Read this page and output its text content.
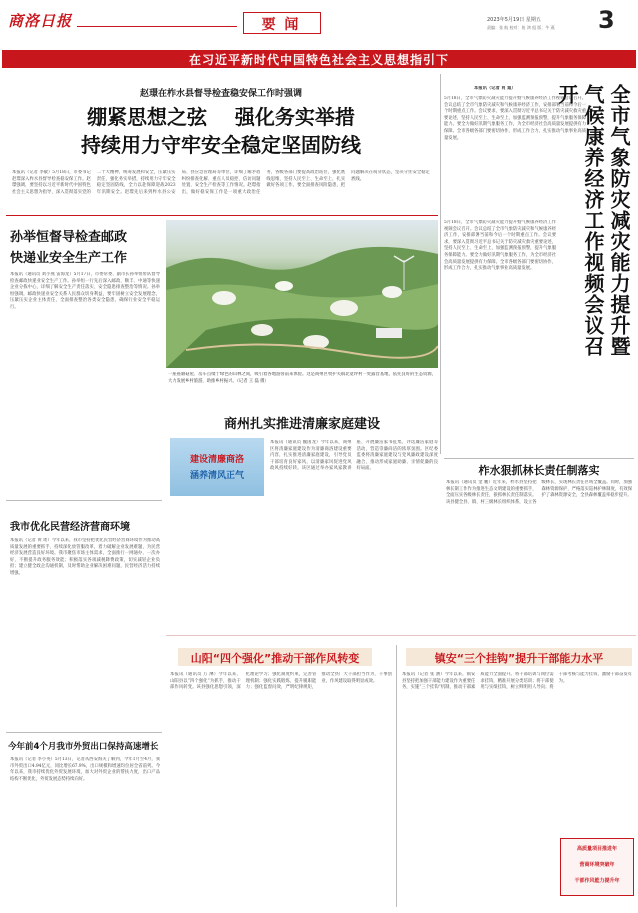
商洛日报	要 闻	2023年5月19日 星期五
责编：张 航 校对：鱼 鸿 组 版：牛 燕 3
在习近平新时代中国特色社会主义思想指引下
赵璟在柞水县督导检查稳安保工作时强调
绷紧思想之弦    强化务实举措
持续用力守牢安全稳定坚固防线
本报讯（记者 李敏）5月18日，市委书记赵璟深入柞水县督导检查稳安保工作。赵璟强调，要坚持以习近平新时代中国特色社会主义思想为指导，深入贯彻落实党的二十大精神，统筹发展和安全，压紧压实责任，强化务实举措，持续用力守牢安全稳定坚固防线，全力以赴保障迎战2023年汛期安全。赵璟先后来到柞水县公安局、县应急管理局等单位，详细了解矛盾纠纷排查化解、重点人员稳控、信访问题处置、安全生产检查等工作情况。赵璟指出，做好稳安保工作是一项重大政治任务，各级各部门要提高政治站位，强化底线思维，坚持人民至上、生命至上，扎实做好各项工作。要全面排查风险隐患，把问题解决在萌芽状态，坚决守住安全稳定底线。
本报讯（记者 肖 迪）
5月18日，全市气象防灾减灾能力提升暨气候康养经济工作视频会议召开。会议总结了全市气象防灾减灾和气候康养经济工作，安排部署当前和今后一个时期重点工作。会议要求，要深入贯彻习近平总书记关于防灾减灾救灾重要论述，坚持人民至上、生命至上，加强监测预报预警，提升气象服务保障能力。要全力做好汛期气象服务工作，为全市经济社会高质量发展提供有力保障。全市各级各部门要密切协作，形成工作合力，扎实推动气象事业高质量发展。	全市气象防灾减灾能力提升暨气候康养经济工作视频会议召开
5月18日，全市气象防灾减灾能力提升暨气候康养经济工作视频会议召开。会议总结了全市气象防灾减灾和气候康养经济工作，安排部署当前和今后一个时期重点工作。会议要求，要深入贯彻习近平总书记关于防灾减灾救灾重要论述，坚持人民至上、生命至上，加强监测预报预警，提升气象服务保障能力。要全力做好汛期气象服务工作，为全市经济社会高质量发展提供有力保障。全市各级各部门要密切协作，形成工作合力，扎实推动气象事业高质量发展。
孙举恒督导检查邮政
快递业安全生产工作
本报讯（通讯员 刘小燕 雷海龙）5月17日，市委常委、副市长孙举恒带队督导检查邮政快递业安全生产工作。孙举恒一行先后深入邮政、顺丰、中通等快递企业分拣中心，详细了解安全生产责任落实、安全隐患排查整治等情况。孙举恒强调，邮政快递业安全关系人民群众切身利益，要牢固树立安全发展理念，压紧压实企业主体责任，全面排查整治各类安全隐患，确保行业安全平稳运行。
一座座蘑菇屋、房车点缀于绿色的山林之间，吸引着各地游客前来体验。这是商州区牧护关镇北宽坪村一处露营基地，依托良好的生态资源，大力发展乡村旅游，助推乡村振兴。（记者 王 磊 摄）
我市优化民营经济营商环境
本报讯（记者 黄 瑶）今年以来，我市坚持把优化民营经济营商环境作为推动高质量发展的重要抓手，持续深化放管服改革，着力破解企业发展难题，为民营经济发展营造良好环境。我市聚焦市场主体需求，全面推行一网通办、一次办好，不断提升政务服务效能；积极落实各项减税降费政策，切实减轻企业负担；建立健全政企沟通机制，及时帮助企业解决困难问题，民营经济活力持续增强。
今年前4个月我市外贸出口保持高速增长
本报讯（记者 李小英）5月13日，记者从西安海关了解到，今年1月至4月，我市外贸出口4.94亿元，同比增长67.9%，出口规模和增速均位居全省前列。今年以来，我市持续优化外贸发展环境，加大对外贸企业的帮扶力度，出口产品结构不断优化，外贸发展态势持续向好。
商州扎实推进清廉家庭建设
建设清廉商洛
涵养清风正气
本报讯（通讯员 魏国龙）今年以来，商州区将清廉家庭建设作为清廉商洛建设重要内容，扎实推进清廉家庭建设，引导党员干部培育良好家风，以清廉家风促进党风政风持续好转。该区通过举办家风家教讲座、开展廉洁家书征集、评选廉洁家庭等活动，营造崇廉尚洁的浓厚氛围。区纪委监委将清廉家庭建设与党风廉政建设深度融合，推动形成家庭助廉、亲情促廉的良好局面。	柞水狠抓林长责任制落实
本报讯（通讯员 金 鹏）近年来，柞水县坚持把林长制工作作为推进生态文明建设的重要抓手，全面压实各级林长责任，狠抓林长责任制落实。该县健全县、镇、村三级林长组织体系，设立各级林长，实现林长责任区域全覆盖。同时，加强森林资源保护，严格落实巡林护林制度，有效保护了森林资源安全，全县森林覆盖率稳步提升。
山阳“四个强化”推动干部作风转变
本报讯（通讯员 万 淋）今年以来，山阳县以“四个强化”为抓手，推动干部作风转变。该县强化思想引领，深化理论学习；强化制度约束，完善管理机制；强化实践锻炼，提升履职能力；强化监督问效，严明纪律规矩，推动全县广大干部担当作为、干事创业，作风建设取得明显成效。
镇安“三个挂钩”提升干部能力水平
本报讯（记者 张 涵）今年以来，镇安县坚持把加强干部能力建设作为重要任务，实施“三个挂钩”机制，推动干部素质能力全面提升。将干部培训与岗位需求挂钩，精准开展分类培训；将干部使用与实绩挂钩，树立鲜明用人导向；将干部考核与能力挂钩，激励干部奋发有为。
高质量项目推进年
营商环境突破年
干部作风能力提升年
